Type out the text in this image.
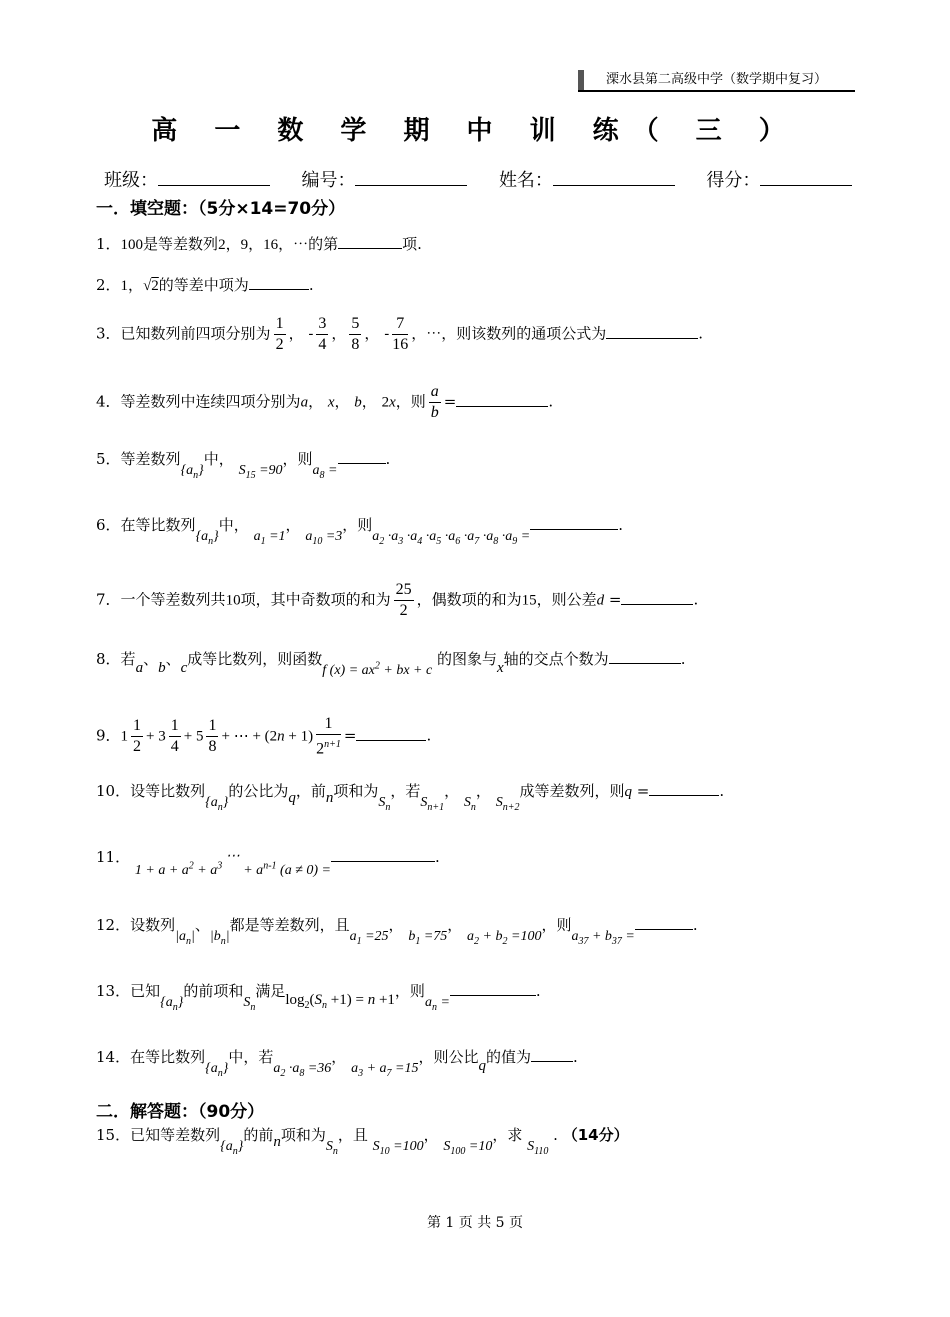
溧水县第二高级中学（数学期中复习）
高 一 数 学 期 中 训 练（ 三 ）
班级：	编号：	姓名：	得分：
一．填空题：（5分×14=70分）
1．100是等差数列2，9，16，⋯的第	项.
2．1，√2的等差中项为	.
3．已知数列前四项分别为 $\frac{1}{2}$ ， - $\frac{3}{4}$ ， $\frac{5}{8}$ ， - $\frac{7}{16}$ ，⋯，则该数列的通项公式为	.
4．等差数列中连续四项分别为a， x， b， 2x，则 $\frac{a}{b}$ =	.
5．等差数列$\{a_n\}$中， $S_{15} =90$，则$a_8$ =.
6．在等比数列$\{a_n\}$中， $a_1 =1$， $a_{10} =3$，则$a_2 \cdot a_3 \cdot a_4 \cdot a_5 \cdot a_6 \cdot a_7 \cdot a_8 \cdot a_9$ =.
7．一个等差数列共10项，其中奇数项的和为 $\frac{25}{2}$ ，偶数项的和为15，则公差d =	.
8．若a、b、c成等比数列，则函数f $(x) = ax^2$ + bx + c 的图象与x轴的交点个数为	.
9．$1 \frac{1}{2} + 3 \frac{1}{4} + 5 \frac{1}{8}$ + ⋯ + $(2n + 1) \frac{1}{2^{n+1}}$ =	.
10．设等比数列$\{a_n\}$的公比为q，前n项和为$S_n$，若$S_{n+1}$， $S_n$， $S_{n+2}$成等差数列，则q =	.
11． $1 + a + a^2 + a^3$ ⋯ + $a^{n-1}$ (a ≠ 0) =.
12．设数列$|a_n|$、$|b_n|$都是等差数列，且$a_1 =25$， $b_1 =75$， $a_2 + b_2 =100$，则$a_{37} + b_{37}$ =.
13．已知$\{a_n\}$的前项和$S_n$满足$\log_2(S_n +1) = n +1$，则$a_n$ =.
14．在等比数列$\{a_n\}$中，若$a_2 \cdot a_8 =36$， $a_3 + a_7 =15$，则公比q的值为	.
二．解答题：（90分）
15．已知等差数列$\{a_n\}$的前n项和为$S_n$，且 $S_{10} =100$， $S_{100} =10$，求 $S_{110}$ . （14分）
第 1 页 共 5 页
